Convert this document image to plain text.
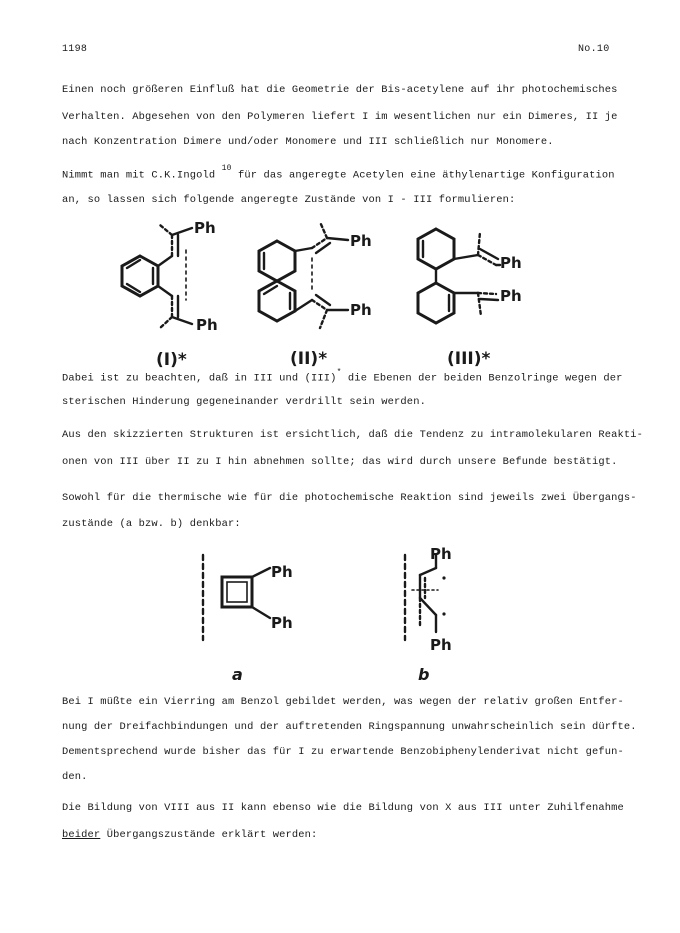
1198	No.10
Einen noch größeren Einfluß hat die Geometrie der Bis-acetylene auf ihr photochemisches
Verhalten. Abgesehen von den Polymeren liefert I im wesentlichen nur ein Dimeres, II je
nach Konzentration Dimere und/oder Monomere und III schließlich nur Monomere.
Nimmt man mit C.K.Ingold $^{10}$ für das angeregte Acetylen eine äthylenartige Konfiguration
an, so lassen sich folgende angeregte Zustände von I - III formulieren:
Ph
Ph
Ph
Ph
Ph
Ph
Ph
Ph
Ph
Ph
(I)*	(II)*	(III)*
a	b
Dabei ist zu beachten, daß in III und (III)* die Ebenen der beiden Benzolringe wegen der
sterischen Hinderung gegeneinander verdrillt sein werden.
Aus den skizzierten Strukturen ist ersichtlich, daß die Tendenz zu intramolekularen Reakti-
onen von III über II zu I hin abnehmen sollte; das wird durch unsere Befunde bestätigt.
Sowohl für die thermische wie für die photochemische Reaktion sind jeweils zwei Übergangs-
zustände (a bzw. b) denkbar:
Bei I müßte ein Vierring am Benzol gebildet werden, was wegen der relativ großen Entfer-
nung der Dreifachbindungen und der auftretenden Ringspannung unwahrscheinlich sein dürfte.
Dementsprechend wurde bisher das für I zu erwartende Benzobiphenylenderivat nicht gefun-
den.
Die Bildung von VIII aus II kann ebenso wie die Bildung von X aus III unter Zuhilfenahme
beider Übergangszustände erklärt werden:
